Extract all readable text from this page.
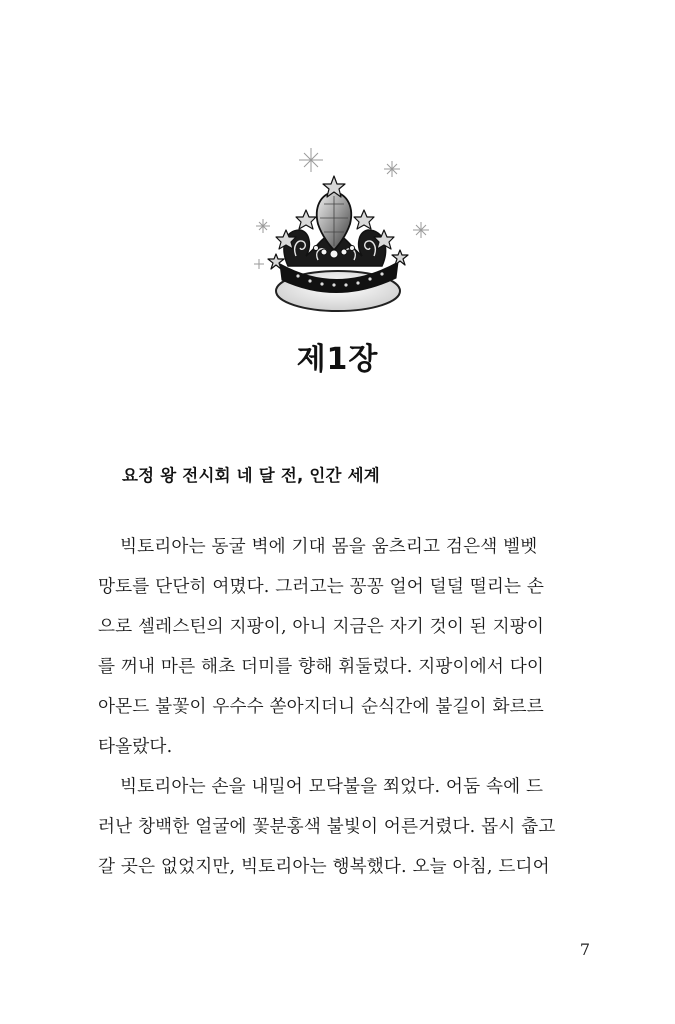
제1장
요정 왕 전시회 네 달 전, 인간 세계
빅토리아는 동굴 벽에 기대 몸을 움츠리고 검은색 벨벳
망토를 단단히 여몄다. 그러고는 꽁꽁 얼어 덜덜 떨리는 손
으로 셀레스틴의 지팡이, 아니 지금은 자기 것이 된 지팡이
를 꺼내 마른 해초 더미를 향해 휘둘렀다. 지팡이에서 다이
아몬드 불꽃이 우수수 쏟아지더니 순식간에 불길이 화르르
타올랐다.
빅토리아는 손을 내밀어 모닥불을 쬐었다. 어둠 속에 드
러난 창백한 얼굴에 꽃분홍색 불빛이 어른거렸다. 몹시 춥고
갈 곳은 없었지만, 빅토리아는 행복했다. 오늘 아침, 드디어
7
